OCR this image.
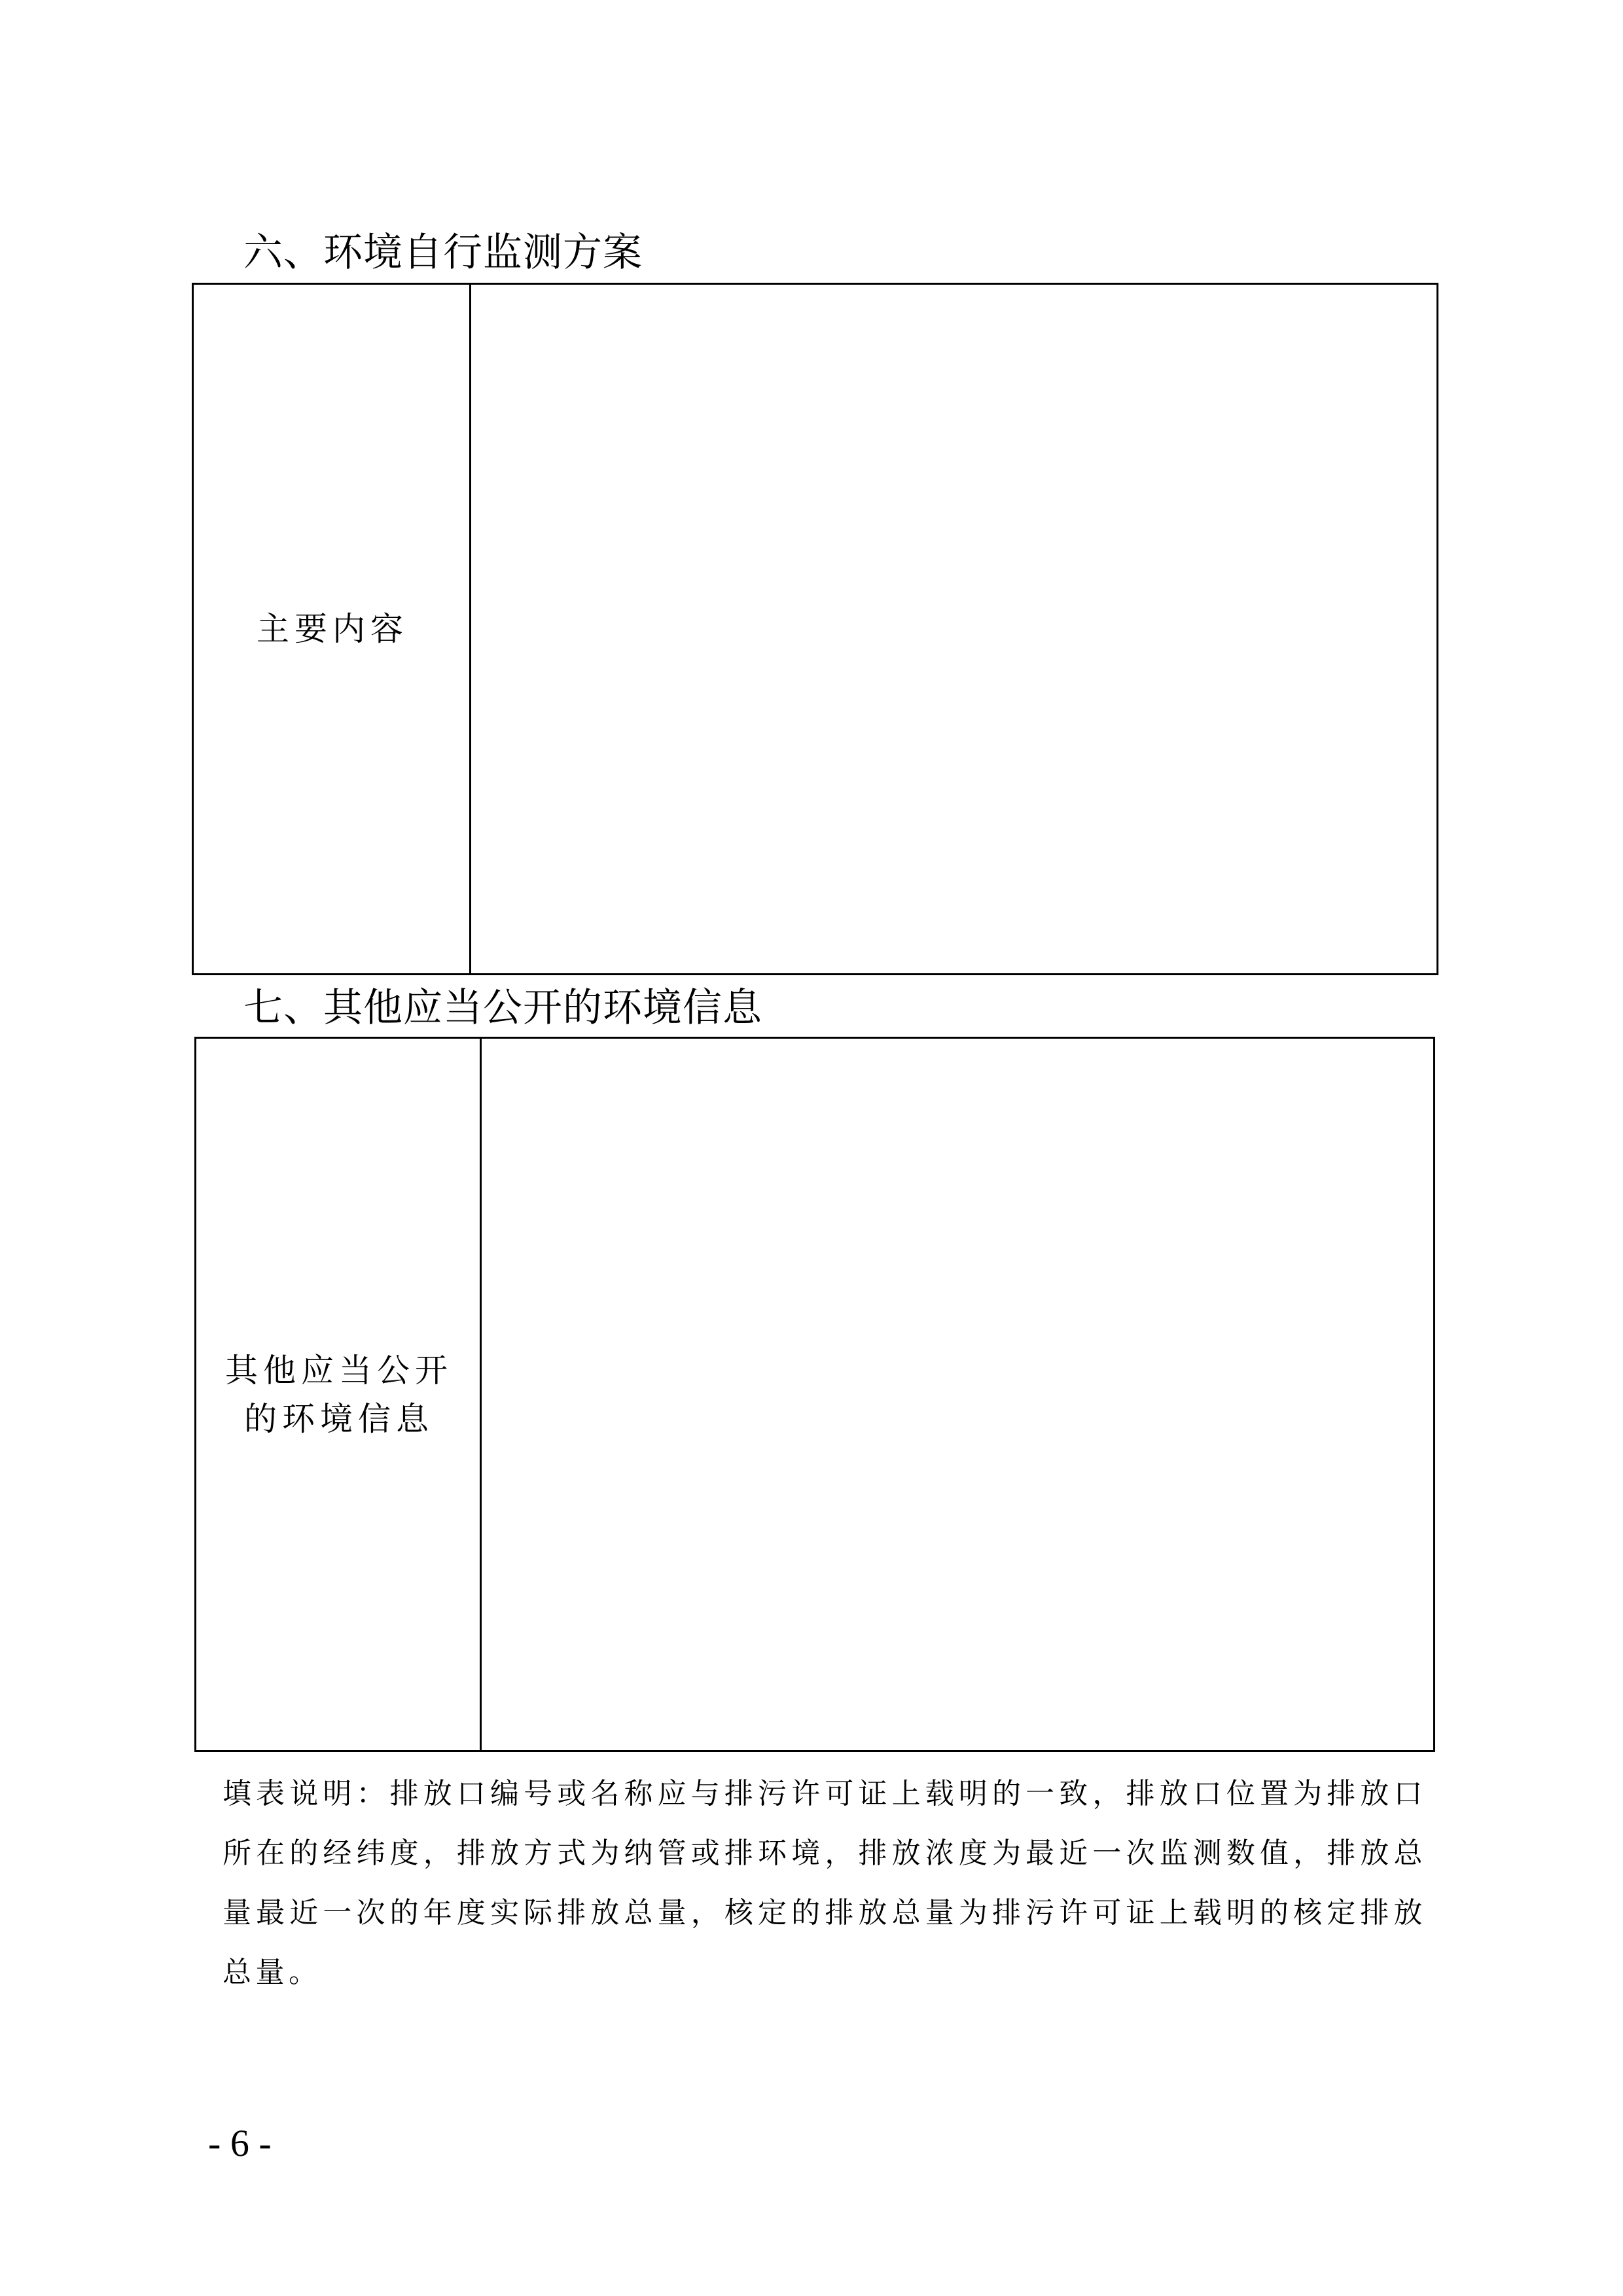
六、环境自行监测方案
主要内容
七、其他应当公开的环境信息
其他应当公开
的环境信息
填表说明：排放口编号或名称应与排污许可证上载明的一致，排放口位置为排放口所在的经纬度，排放方式为纳管或排环境，排放浓度为最近一次监测数值，排放总量最近一次的年度实际排放总量，核定的排放总量为排污许可证上载明的核定排放总量。
- 6 -
